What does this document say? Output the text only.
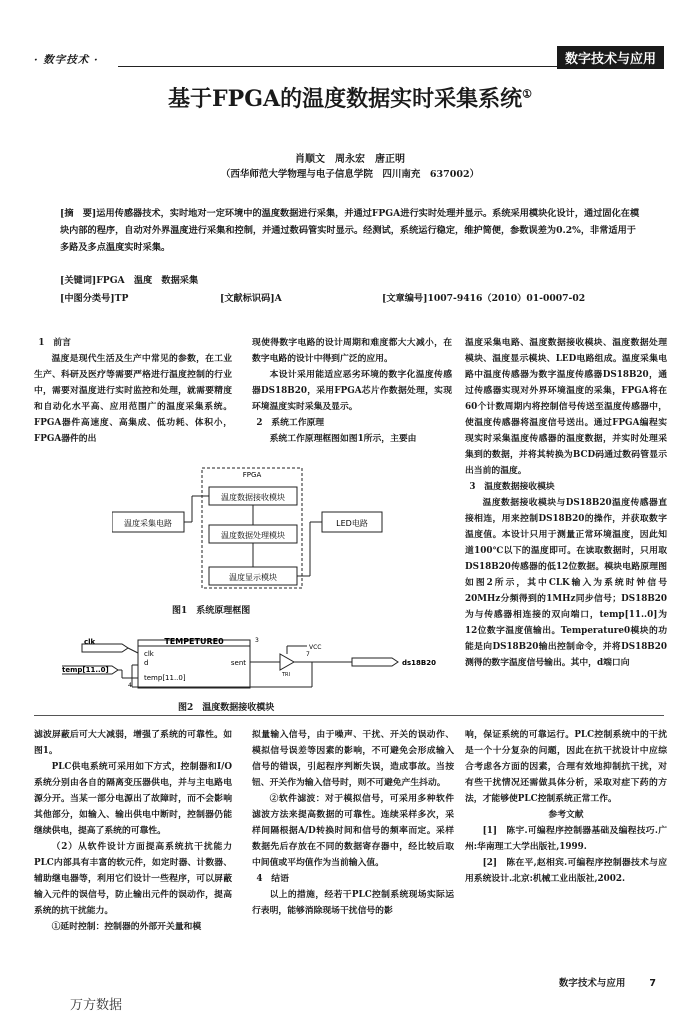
· 数字技术 ·	数字技术与应用
基于FPGA的温度数据实时采集系统①
肖顺文　周永宏　唐正明
（西华师范大学物理与电子信息学院　四川南充　637002）
[摘　要]运用传感器技术，实时地对一定环境中的温度数据进行采集，并通过FPGA进行实时处理并显示。系统采用模块化设计，通过固化在模块内部的程序，自动对外界温度进行采集和控制，并通过数码管实时显示。经测试，系统运行稳定，维护简便，参数误差为0.2%，非常适用于多路及多点温度实时采集。
[关键词]FPGA　温度　数据采集
[中图分类号]TP	[文献标识码]A	[文章编号]1007-9416（2010）01-0007-02

1　前言

温度是现代生活及生产中常见的参数，在工业生产、科研及医疗等需要严格进行温度控制的行业中，需要对温度进行实时监控和处理，就需要精度和自动化水平高、应用范围广的温度采集系统。FPGA器件高速度、高集成、低功耗、体积小，FPGA器件的出

现使得数字电路的设计周期和难度都大大减小，在数字电路的设计中得到广泛的应用。

本设计采用能适应恶劣环境的数字化温度传感器DS18B20，采用FPGA芯片作数据处理，实现环境温度实时采集及显示。

2　系统工作原理

系统工作原理框图如图1所示，主要由

温度采集电路、温度数据接收模块、温度数据处理模块、温度显示模块、LED电路组成。温度采集电路中温度传感器为数字温度传感器DS18B20，通过传感器实现对外界环境温度的采集，FPGA将在60个计数周期内将控制信号传送至温度传感器中，使温度传感器将温度信号送出。通过FPGA编程实现实时采集温度传感器的温度数据，并实时处理采集到的数据，并将其转换为BCD码通过数码管显示出当前的温度。

3　温度数据接收模块

温度数据接收模块与DS18B20温度传感器直接相连，用来控制DS18B20的操作，并获取数字温度值。本设计只用于测量正常环境温度，因此知道100℃以下的温度即可。在读取数据时，只用取DS18B20传感器的低12位数据。模块电路原理图如图2所示，其中CLK输入为系统时钟信号20MHz分频得到的1MHz同步信号；DS18B20为与传感器相连接的双向端口，temp[11..0]为12位数字温度值输出。Temperature0模块的功能是向DS18B20输出控制命令，并将DS18B20测得的数字温度信号输出。其中，d端口向

FPGA
温度采集电路
温度数据接收模块
温度数据处理模块
温度显示模块
LED电路
图1　系统原理框图
TEMPETURE0
clk
d
temp[11..0]
sent
clk
temp[11..0]
3
4
7
TRI
VCC
ds18B20
图2　温度数据接收模块

滤波屏蔽后可大大减弱，增强了系统的可靠性。如图1。

PLC供电系统可采用如下方式，控制器和I/O系统分别由各自的隔离变压器供电，并与主电路电源分开。当某一部分电源出了故障时，而不会影响其他部分，如输入、输出供电中断时，控制器仍能继续供电，提高了系统的可靠性。

（2）从软件设计方面提高系统抗干扰能力　PLC内部具有丰富的软元件，如定时器、计数器、辅助继电器等，利用它们设计一些程序，可以屏蔽输入元件的误信号，防止输出元件的误动作，提高系统的抗干扰能力。

①延时控制：控制器的外部开关量和模

拟量输入信号，由于噪声、干扰、开关的误动作、模拟信号误差等因素的影响，不可避免会形成输入信号的错误，引起程序判断失误，造成事故。当按钮、开关作为输入信号时，则不可避免产生抖动。

②软件滤波：对于模拟信号，可采用多种软件滤波方法来提高数据的可靠性。连续采样多次，采样间隔根据A/D转换时间和信号的频率而定。采样数据先后存放在不同的数据寄存器中，经比较后取中间值或平均值作为当前输入值。

4　结语

以上的措施，经若干PLC控制系统现场实际运行表明，能够消除现场干扰信号的影

响，保证系统的可靠运行。PLC控制系统中的干扰是一个十分复杂的问题，因此在抗干扰设计中应综合考虑各方面的因素，合理有效地抑制抗干扰，对有些干扰情况还需做具体分析，采取对症下药的方法，才能够使PLC控制系统正常工作。

参考文献

[1]　陈宇.可编程序控制器基础及编程技巧.广州:华南理工大学出版社,1999.

[2]　陈在平,赵相宾.可编程序控制器技术与应用系统设计.北京:机械工业出版社,2002.

数字技术与应用	7
万方数据
